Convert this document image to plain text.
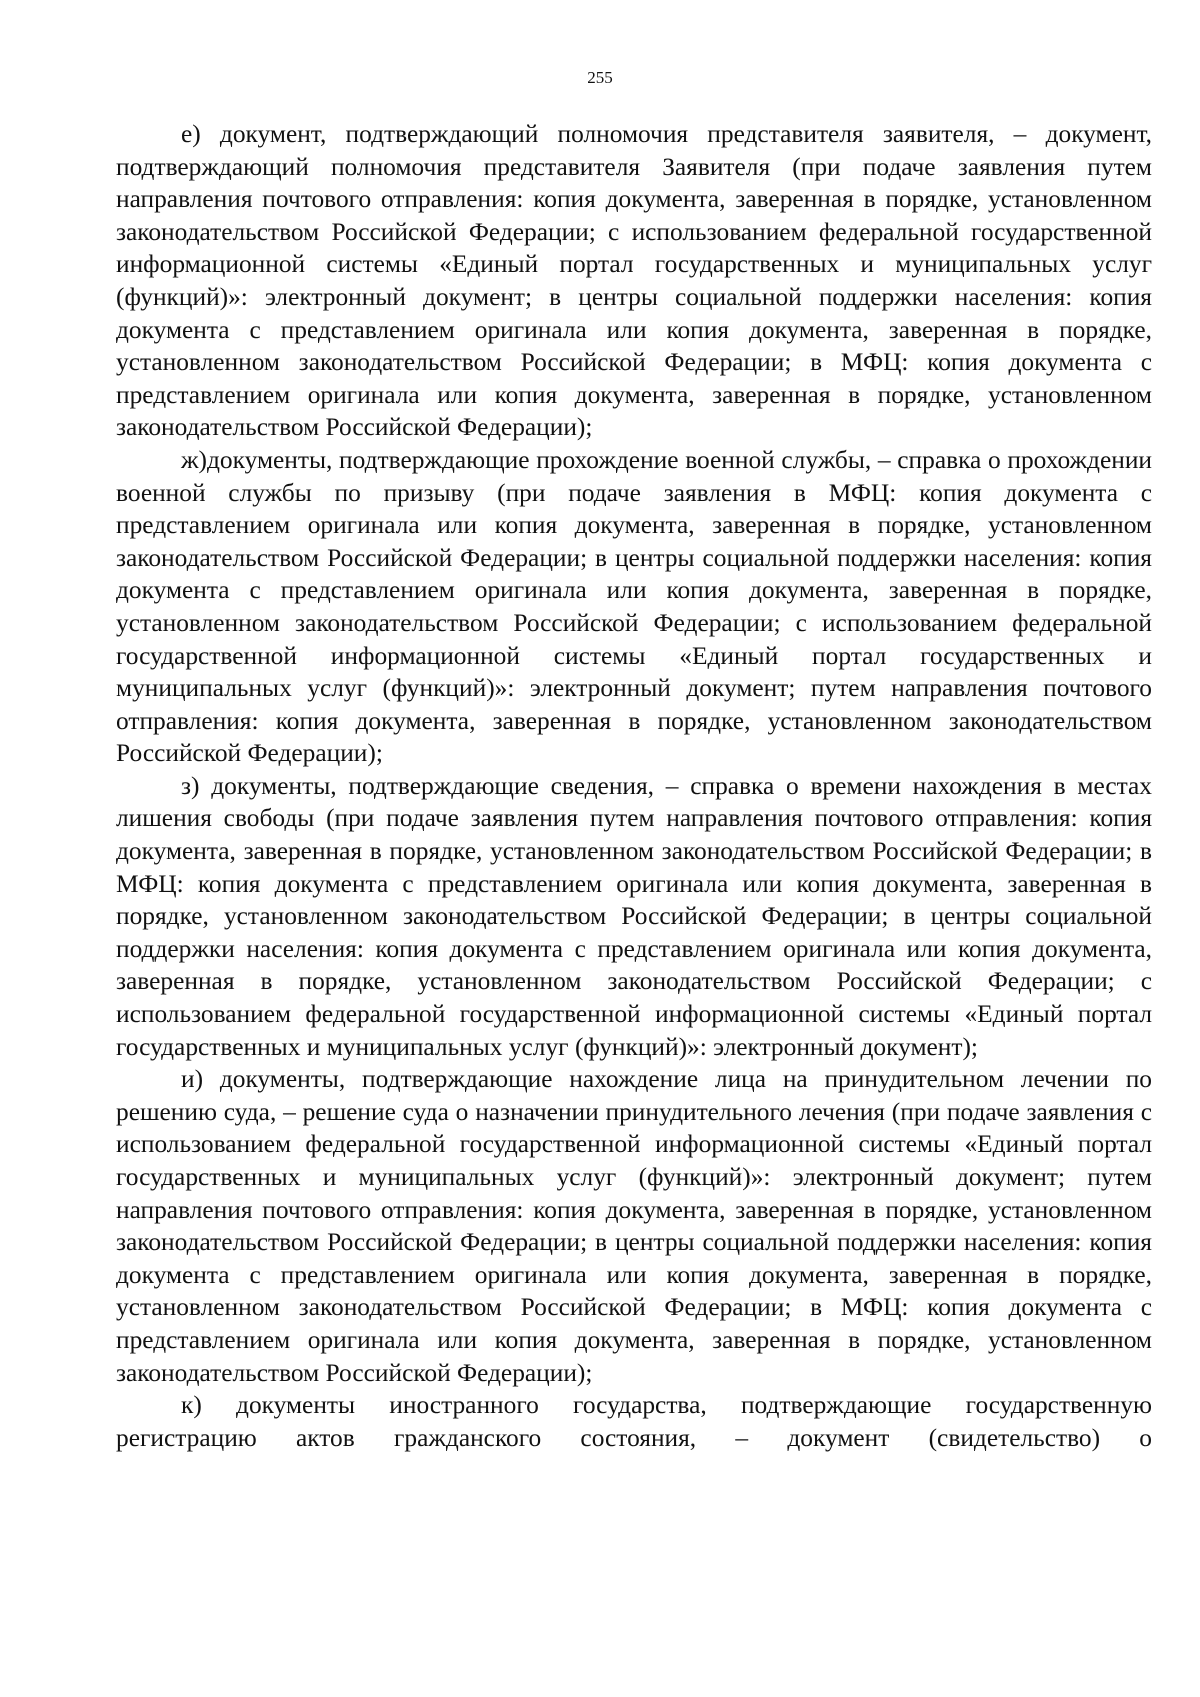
255

е) документ, подтверждающий полномочия представителя заявителя, – документ, подтверждающий полномочия представителя Заявителя (при подаче заявления путем направления почтового отправления: копия документа, заверенная в порядке, установленном законодательством Российской Федерации; с использованием федеральной государственной информационной системы «Единый портал государственных и муниципальных услуг (функций)»: электронный документ; в центры социальной поддержки населения: копия документа с представлением оригинала или копия документа, заверенная в порядке, установленном законодательством Российской Федерации; в МФЦ: копия документа с представлением оригинала или копия документа, заверенная в порядке, установленном законодательством Российской Федерации);

ж)документы, подтверждающие прохождение военной службы, – справка о прохождении военной службы по призыву (при подаче заявления в МФЦ: копия документа с представлением оригинала или копия документа, заверенная в порядке, установленном законодательством Российской Федерации; в центры социальной поддержки населения: копия документа с представлением оригинала или копия документа, заверенная в порядке, установленном законодательством Российской Федерации; с использованием федеральной государственной информационной системы «Единый портал государственных и муниципальных услуг (функций)»: электронный документ; путем направления почтового отправления: копия документа, заверенная в порядке, установленном законодательством Российской Федерации);

з) документы, подтверждающие сведения, – справка о времени нахождения в местах лишения свободы (при подаче заявления путем направления почтового отправления: копия документа, заверенная в порядке, установленном законодательством Российской Федерации; в МФЦ: копия документа с представлением оригинала или копия документа, заверенная в порядке, установленном законодательством Российской Федерации; в центры социальной поддержки населения: копия документа с представлением оригинала или копия документа, заверенная в порядке, установленном законодательством Российской Федерации; с использованием федеральной государственной информационной системы «Единый портал государственных и муниципальных услуг (функций)»: электронный документ);

и) документы, подтверждающие нахождение лица на принудительном лечении по решению суда, – решение суда о назначении принудительного лечения (при подаче заявления с использованием федеральной государственной информационной системы «Единый портал государственных и муниципальных услуг (функций)»: электронный документ; путем направления почтового отправления: копия документа, заверенная в порядке, установленном законодательством Российской Федерации; в центры социальной поддержки населения: копия документа с представлением оригинала или копия документа, заверенная в порядке, установленном законодательством Российской Федерации; в МФЦ: копия документа с представлением оригинала или копия документа, заверенная в порядке, установленном законодательством Российской Федерации);

к) документы иностранного государства, подтверждающие государственную регистрацию актов гражданского состояния, – документ (свидетельство) о
